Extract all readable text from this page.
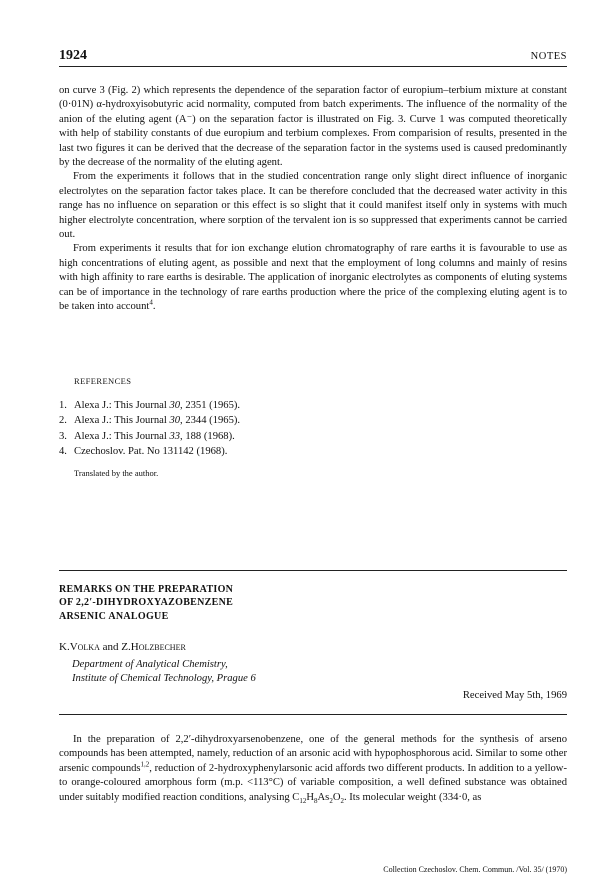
1924	NOTES

on curve 3 (Fig. 2) which represents the dependence of the separation factor of europium–terbium mixture at constant (0·01N) α-hydroxyisobutyric acid normality, computed from batch experiments. The influence of the normality of the anion of the eluting agent (A⁻) on the separation factor is illustrated on Fig. 3. Curve 1 was computed theoretically with help of stability constants of due europium and terbium complexes. From comparision of results, presented in the last two figures it can be derived that the decrease of the separation factor in the systems used is caused predominantly by the decrease of the normality of the eluting agent.

From the experiments it follows that in the studied concentration range only slight direct influence of inorganic electrolytes on the separation factor takes place. It can be therefore concluded that the decreased water activity in this range has no influence on separation or this effect is so slight that it could manifest itself only in systems with much higher electrolyte concentration, where sorption of the tervalent ion is so suppressed that experiments cannot be carried out.

From experiments it results that for ion exchange elution chromatography of rare earths it is favourable to use as high concentrations of eluting agent, as possible and next that the employment of long columns and mainly of resins with high affinity to rare earths is desirable. The application of inorganic electrolytes as components of eluting systems can be of importance in the technology of rare earths production where the price of the complexing eluting agent is to be taken into account$^4$.

REFERENCES
1. Alexa J.: This Journal 30, 2351 (1965).
2. Alexa J.: This Journal 30, 2344 (1965).
3. Alexa J.: This Journal 33, 188 (1968).
4. Czechoslov. Pat. No 131142 (1968).
Translated by the author.
REMARKS ON THE PREPARATION
OF 2,2′-DIHYDROXYAZOBENZENE
ARSENIC ANALOGUE
K.Volka and Z.Holzbecher
Department of Analytical Chemistry,
Institute of Chemical Technology, Prague 6
Received May 5th, 1969

In the preparation of 2,2′-dihydroxyarsenobenzene, one of the general methods for the synthesis of arseno compounds has been attempted, namely, reduction of an arsonic acid with hypophosphorous acid. Similar to some other arsenic compounds$^{1,2}$, reduction of 2-hydroxyphenylarsonic acid affords two different products. In addition to a yellow- to orange-coloured amorphous form (m.p. <113°C) of variable composition, a well defined substance was obtained under suitably modified reaction conditions, analysing $C_{12}H_8As_2O_2$. Its molecular weight (334·0, as

Collection Czechoslov. Chem. Commun. /Vol. 35/ (1970)
